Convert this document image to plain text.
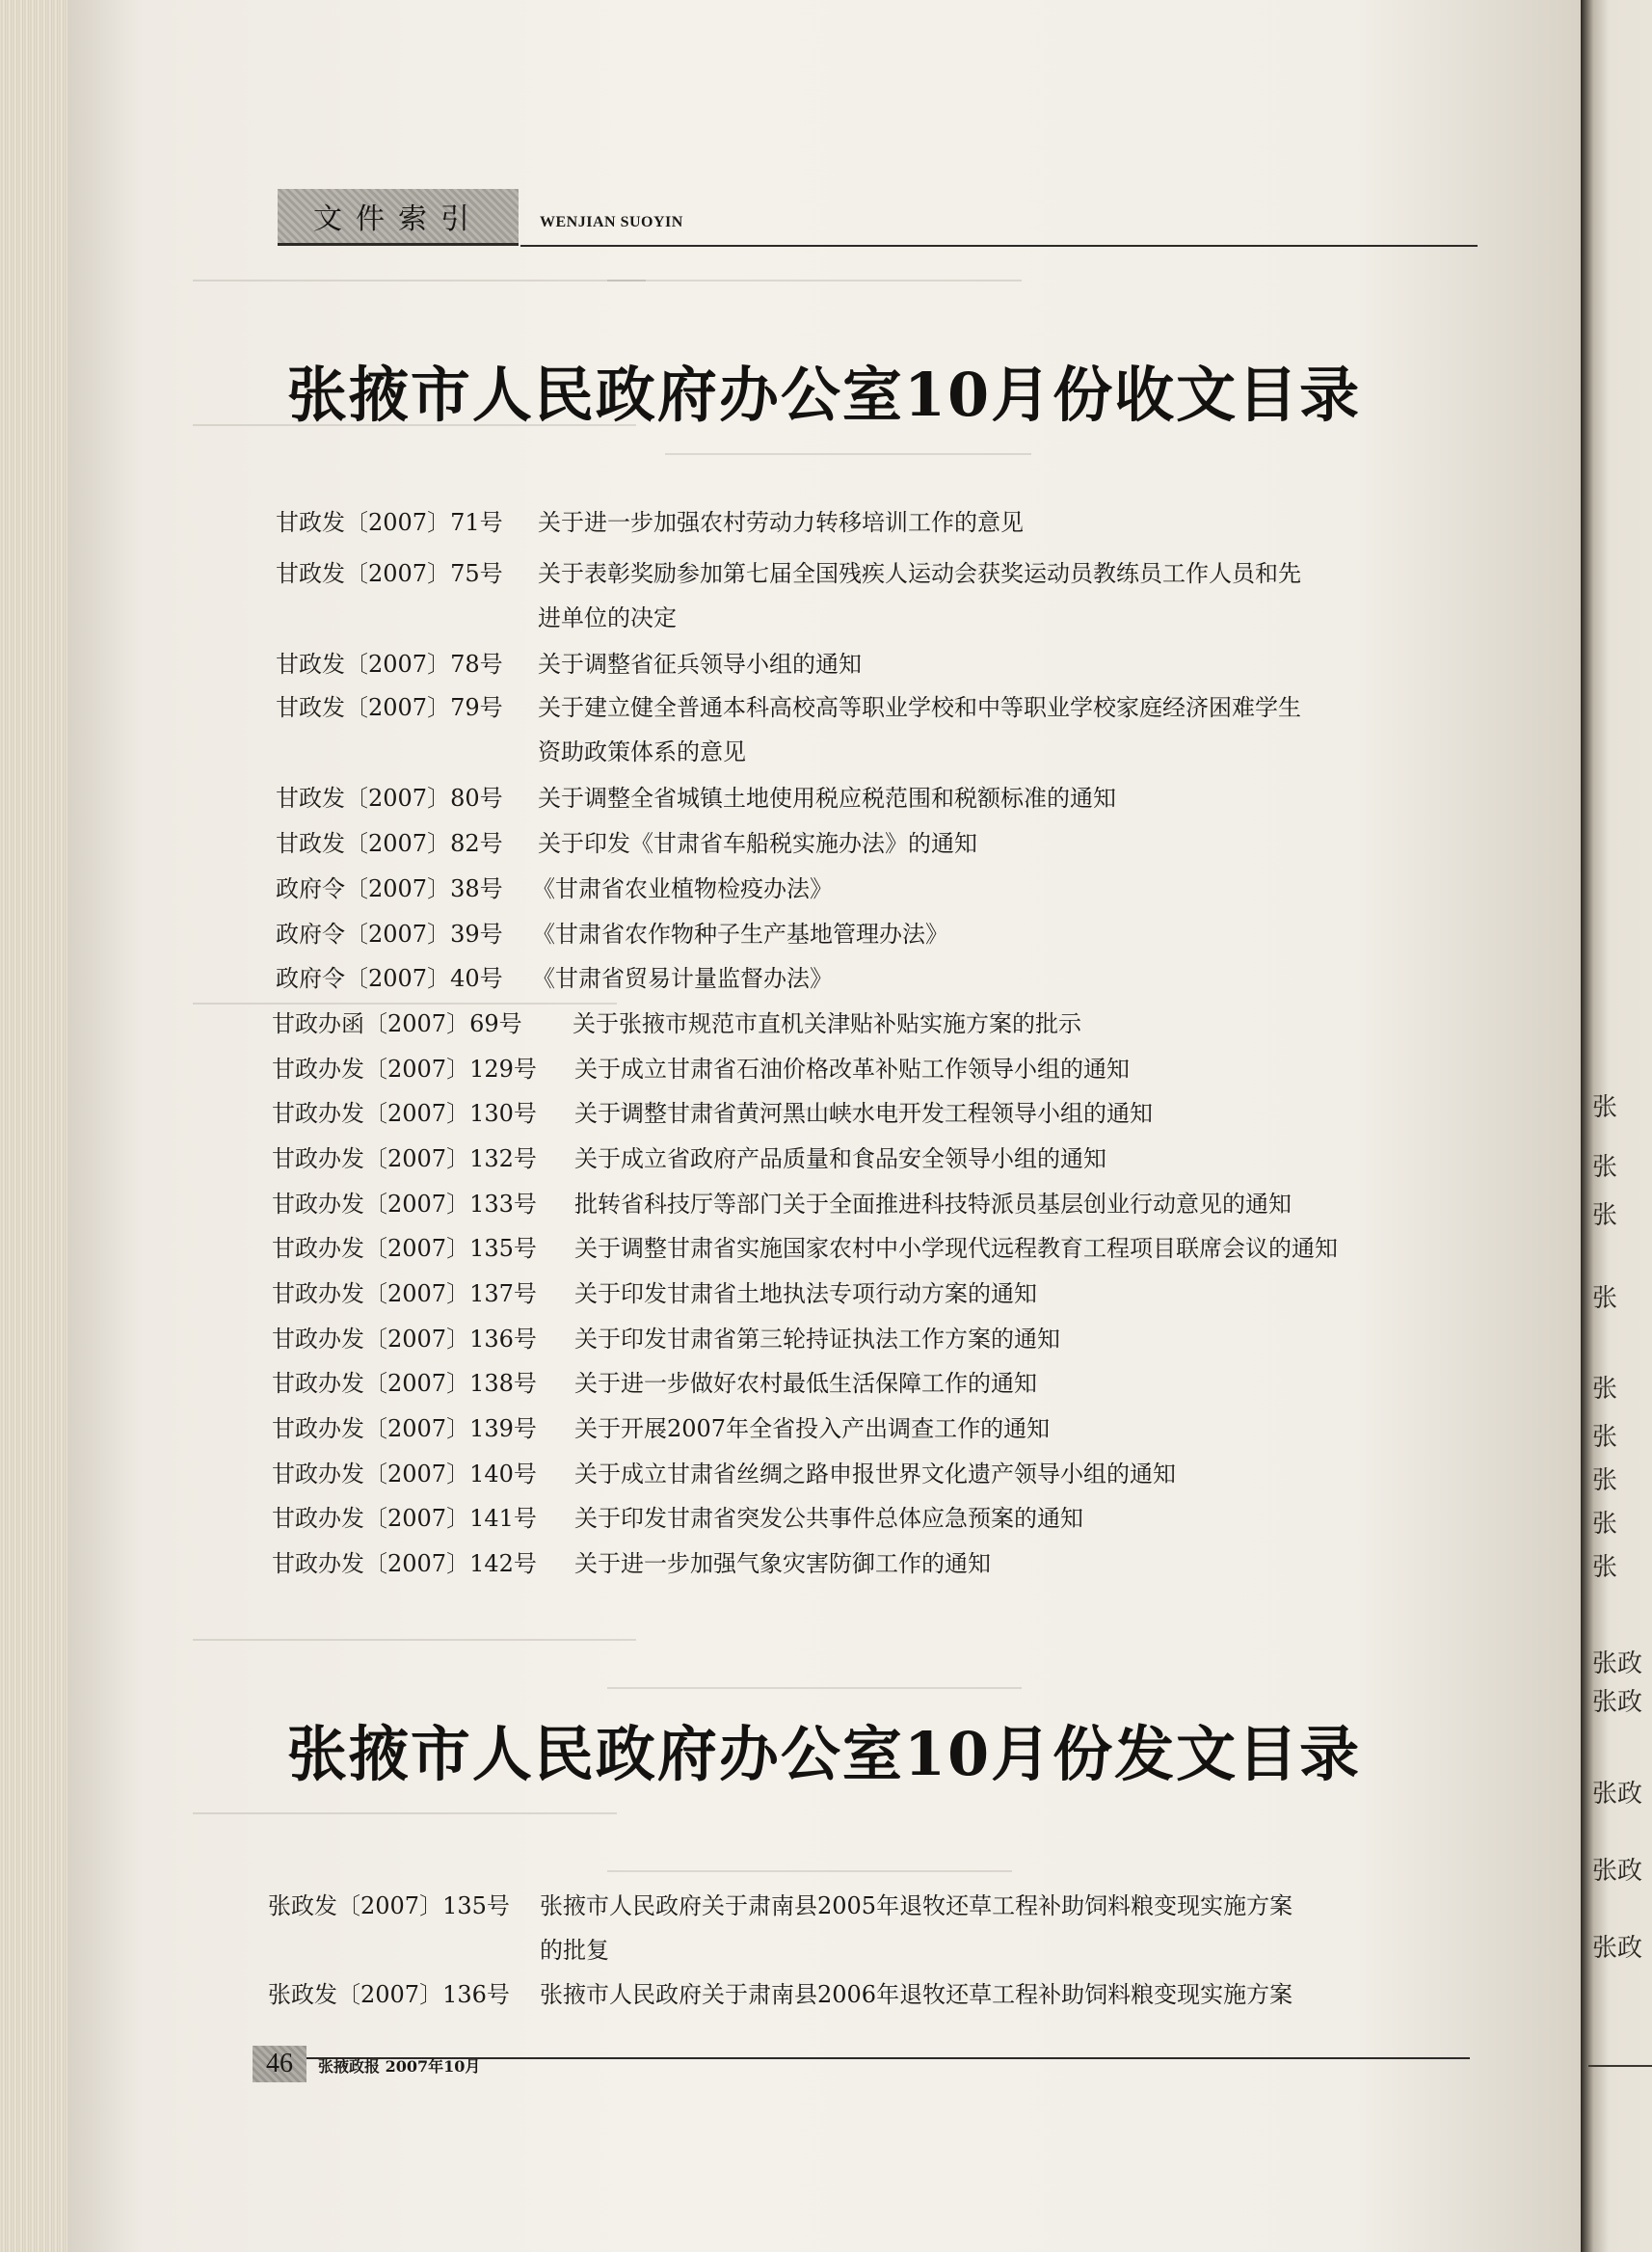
文件索引	WENJIAN SUOYIN
张掖市人民政府办公室10月份收文目录
甘政发〔2007〕71号 关于进一步加强农村劳动力转移培训工作的意见
甘政发〔2007〕75号 关于表彰奖励参加第七届全国残疾人运动会获奖运动员教练员工作人员和先
进单位的决定
甘政发〔2007〕78号 关于调整省征兵领导小组的通知
甘政发〔2007〕79号 关于建立健全普通本科高校高等职业学校和中等职业学校家庭经济困难学生
资助政策体系的意见
甘政发〔2007〕80号 关于调整全省城镇土地使用税应税范围和税额标准的通知
甘政发〔2007〕82号 关于印发《甘肃省车船税实施办法》的通知
政府令〔2007〕38号 《甘肃省农业植物检疫办法》
政府令〔2007〕39号 《甘肃省农作物种子生产基地管理办法》
政府令〔2007〕40号 《甘肃省贸易计量监督办法》
甘政办函〔2007〕69号 关于张掖市规范市直机关津贴补贴实施方案的批示
甘政办发〔2007〕129号 关于成立甘肃省石油价格改革补贴工作领导小组的通知
甘政办发〔2007〕130号 关于调整甘肃省黄河黑山峡水电开发工程领导小组的通知
甘政办发〔2007〕132号 关于成立省政府产品质量和食品安全领导小组的通知
甘政办发〔2007〕133号 批转省科技厅等部门关于全面推进科技特派员基层创业行动意见的通知
甘政办发〔2007〕135号 关于调整甘肃省实施国家农村中小学现代远程教育工程项目联席会议的通知
甘政办发〔2007〕137号 关于印发甘肃省土地执法专项行动方案的通知
甘政办发〔2007〕136号 关于印发甘肃省第三轮持证执法工作方案的通知
甘政办发〔2007〕138号 关于进一步做好农村最低生活保障工作的通知
甘政办发〔2007〕139号 关于开展2007年全省投入产出调查工作的通知
甘政办发〔2007〕140号 关于成立甘肃省丝绸之路申报世界文化遗产领导小组的通知
甘政办发〔2007〕141号 关于印发甘肃省突发公共事件总体应急预案的通知
甘政办发〔2007〕142号 关于进一步加强气象灾害防御工作的通知
张掖市人民政府办公室10月份发文目录
张政发〔2007〕135号 张掖市人民政府关于肃南县2005年退牧还草工程补助饲料粮变现实施方案
的批复
张政发〔2007〕136号 张掖市人民政府关于肃南县2006年退牧还草工程补助饲料粮变现实施方案
46	张掖政报 2007年10月
张
张
张
张
张
张
张
张
张
张政
张政
张政
张政
张政
